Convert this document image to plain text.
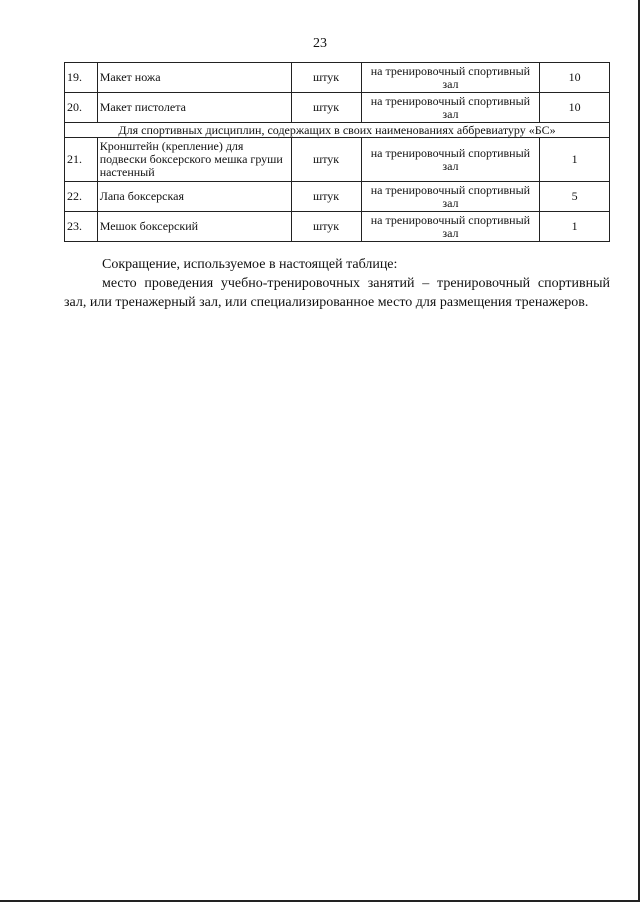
23
19.	Макет ножа	штук	на тренировочный спортивный зал	10
20.	Макет пистолета	штук	на тренировочный спортивный зал	10
Для спортивных дисциплин, содержащих в своих наименованиях аббревиатуру «БС»				
21.	Кронштейн (крепление) для подвески боксерского мешка груши настенный	штук	на тренировочный спортивный зал	1
22.	Лапа боксерская	штук	на тренировочный спортивный зал	5
23.	Мешок боксерский	штук	на тренировочный спортивный зал	1

Сокращение, используемое в настоящей таблице:

место проведения учебно-тренировочных занятий – тренировочный спортивный зал, или тренажерный зал, или специализированное место для размещения тренажеров.
